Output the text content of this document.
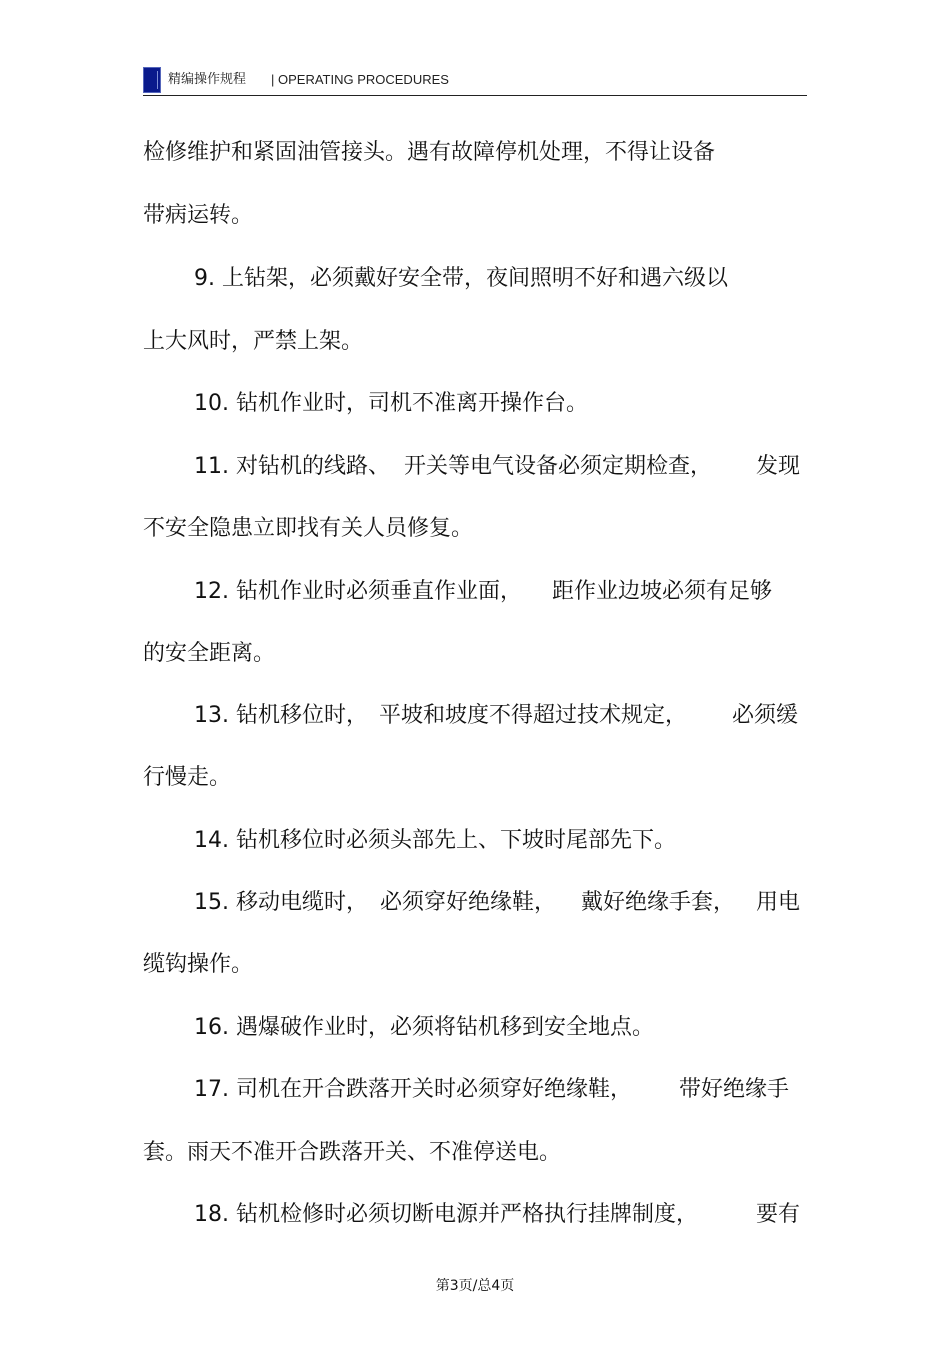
精编操作规程 | OPERATING PROCEDURES
检修维护和紧固油管接头。遇有故障停机处理，不得让设备
带病运转。
9. 上钻架，必须戴好安全带，夜间照明不好和遇六级以
上大风时，严禁上架。
10. 钻机作业时，司机不准离开操作台。
11. 对钻机的线路、 开关等电气设备必须定期检查， 发现
不安全隐患立即找有关人员修复。
12. 钻机作业时必须垂直作业面， 距作业边坡必须有足够
的安全距离。
13. 钻机移位时， 平坡和坡度不得超过技术规定， 必须缓
行慢走。
14. 钻机移位时必须头部先上、下坡时尾部先下。
15. 移动电缆时， 必须穿好绝缘鞋， 戴好绝缘手套， 用电
缆钩操作。
16. 遇爆破作业时，必须将钻机移到安全地点。
17. 司机在开合跌落开关时必须穿好绝缘鞋， 带好绝缘手
套。雨天不准开合跌落开关、不准停送电。
18. 钻机检修时必须切断电源并严格执行挂牌制度，	要有
第3页/总4页
